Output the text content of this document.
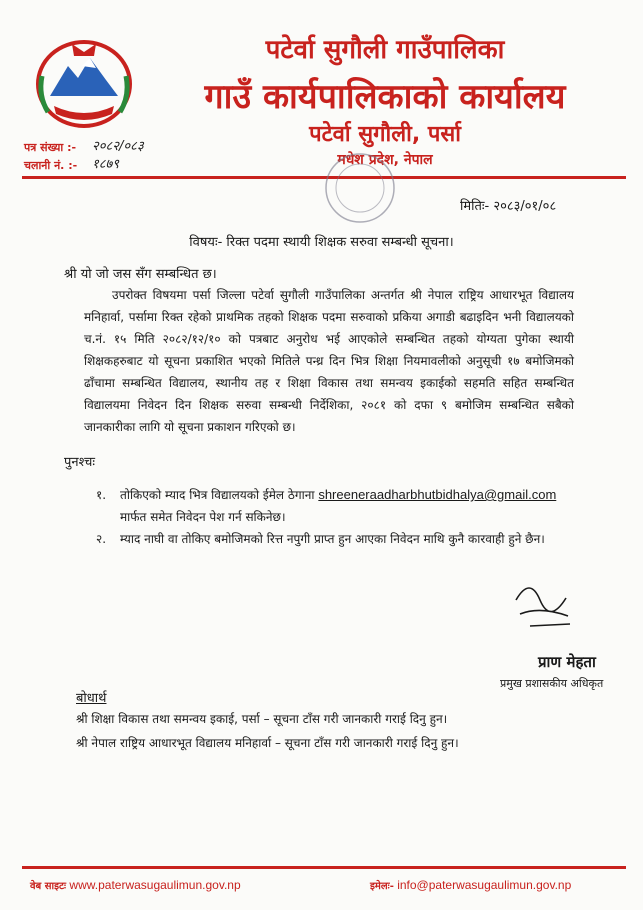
पटेर्वा सुगौली गाउँपालिका
गाउँ कार्यपालिकाको कार्यालय
पटेर्वा सुगौली, पर्सा
मधेश प्रदेश, नेपाल
पत्र संख्या :- २०८२/०८३
चलानी नं. :- १८७९
मितिः- २०८३/०१/०८
विषयः- रिक्त पदमा स्थायी शिक्षक सरुवा सम्बन्धी सूचना।
श्री यो जो जस सँग सम्बन्धित छ।
उपरोक्त विषयमा पर्सा जिल्ला पटेर्वा सुगौली गाउँपालिका अन्तर्गत श्री नेपाल राष्ट्रिय आधारभूत विद्यालय मनिहार्वा, पर्सामा रिक्त रहेको प्राथमिक तहको शिक्षक पदमा सरुवाको प्रकिया अगाडी बढाइदिन भनी विद्यालयको च.नं. १५ मिति २०८२/१२/१० को पत्रबाट अनुरोध भई आएकोले सम्बन्धित तहको योग्यता पुगेका स्थायी शिक्षकहरुबाट यो सूचना प्रकाशित भएको मितिले पन्ध्र दिन भित्र शिक्षा नियमावलीको अनुसूची १७ बमोजिमको ढाँचामा सम्बन्धित विद्यालय, स्थानीय तह र शिक्षा विकास तथा समन्वय इकाईको सहमति सहित सम्बन्धित विद्यालयमा निवेदन दिन शिक्षक सरुवा सम्बन्धी निर्देशिका, २०८१ को दफा ९ बमोजिम सम्बन्धित सबैको जानकारीका लागि यो सूचना प्रकाशन गरिएको छ।
पुनश्चः
१. तोकिएको म्याद भित्र विद्यालयको ईमेल ठेगाना shreeneraadharbhutbidhalya@gmail.com
मार्फत समेत निवेदन पेश गर्न सकिनेछ।
२. म्याद नाघी वा तोकिए बमोजिमको रित्त नपुगी प्राप्त हुन आएका निवेदन माथि कुनै कारवाही हुने छैन।
प्राण मेहता
प्रमुख प्रशासकीय अधिकृत
बोधार्थ
श्री शिक्षा विकास तथा समन्वय इकाई, पर्सा – सूचना टाँस गरी जानकारी गराई दिनु हुन।
श्री नेपाल राष्ट्रिय आधारभूत विद्यालय मनिहार्वा – सूचना टाँस गरी जानकारी गराई दिनु हुन।
वेब साइटः www.paterwasugaulimun.gov.np	इमेलः- info@paterwasugaulimun.gov.np
